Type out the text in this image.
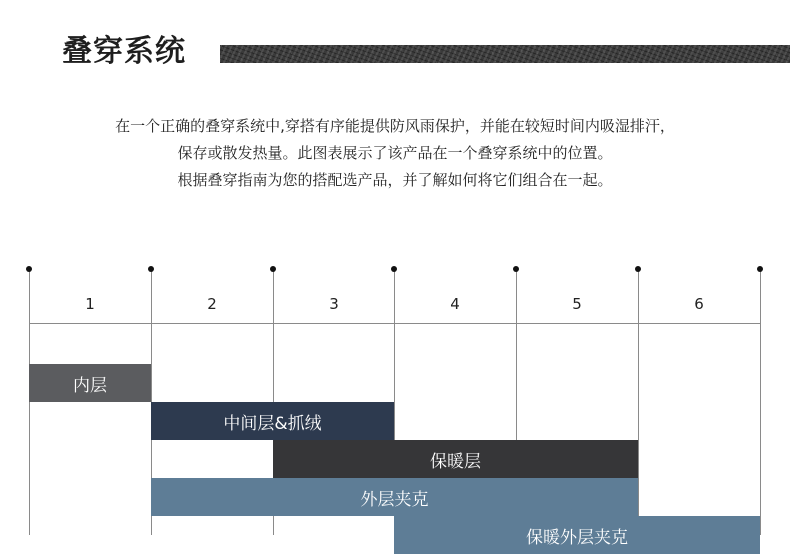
叠穿系统
在一个正确的叠穿系统中,穿搭有序能提供防风雨保护，并能在较短时间内吸湿排汗，
保存或散发热量。此图表展示了该产品在一个叠穿系统中的位置。
根据叠穿指南为您的搭配选产品，并了解如何将它们组合在一起。
1	2	3	4	5	6
内层
中间层&抓绒
保暖层
外层夹克
保暖外层夹克
